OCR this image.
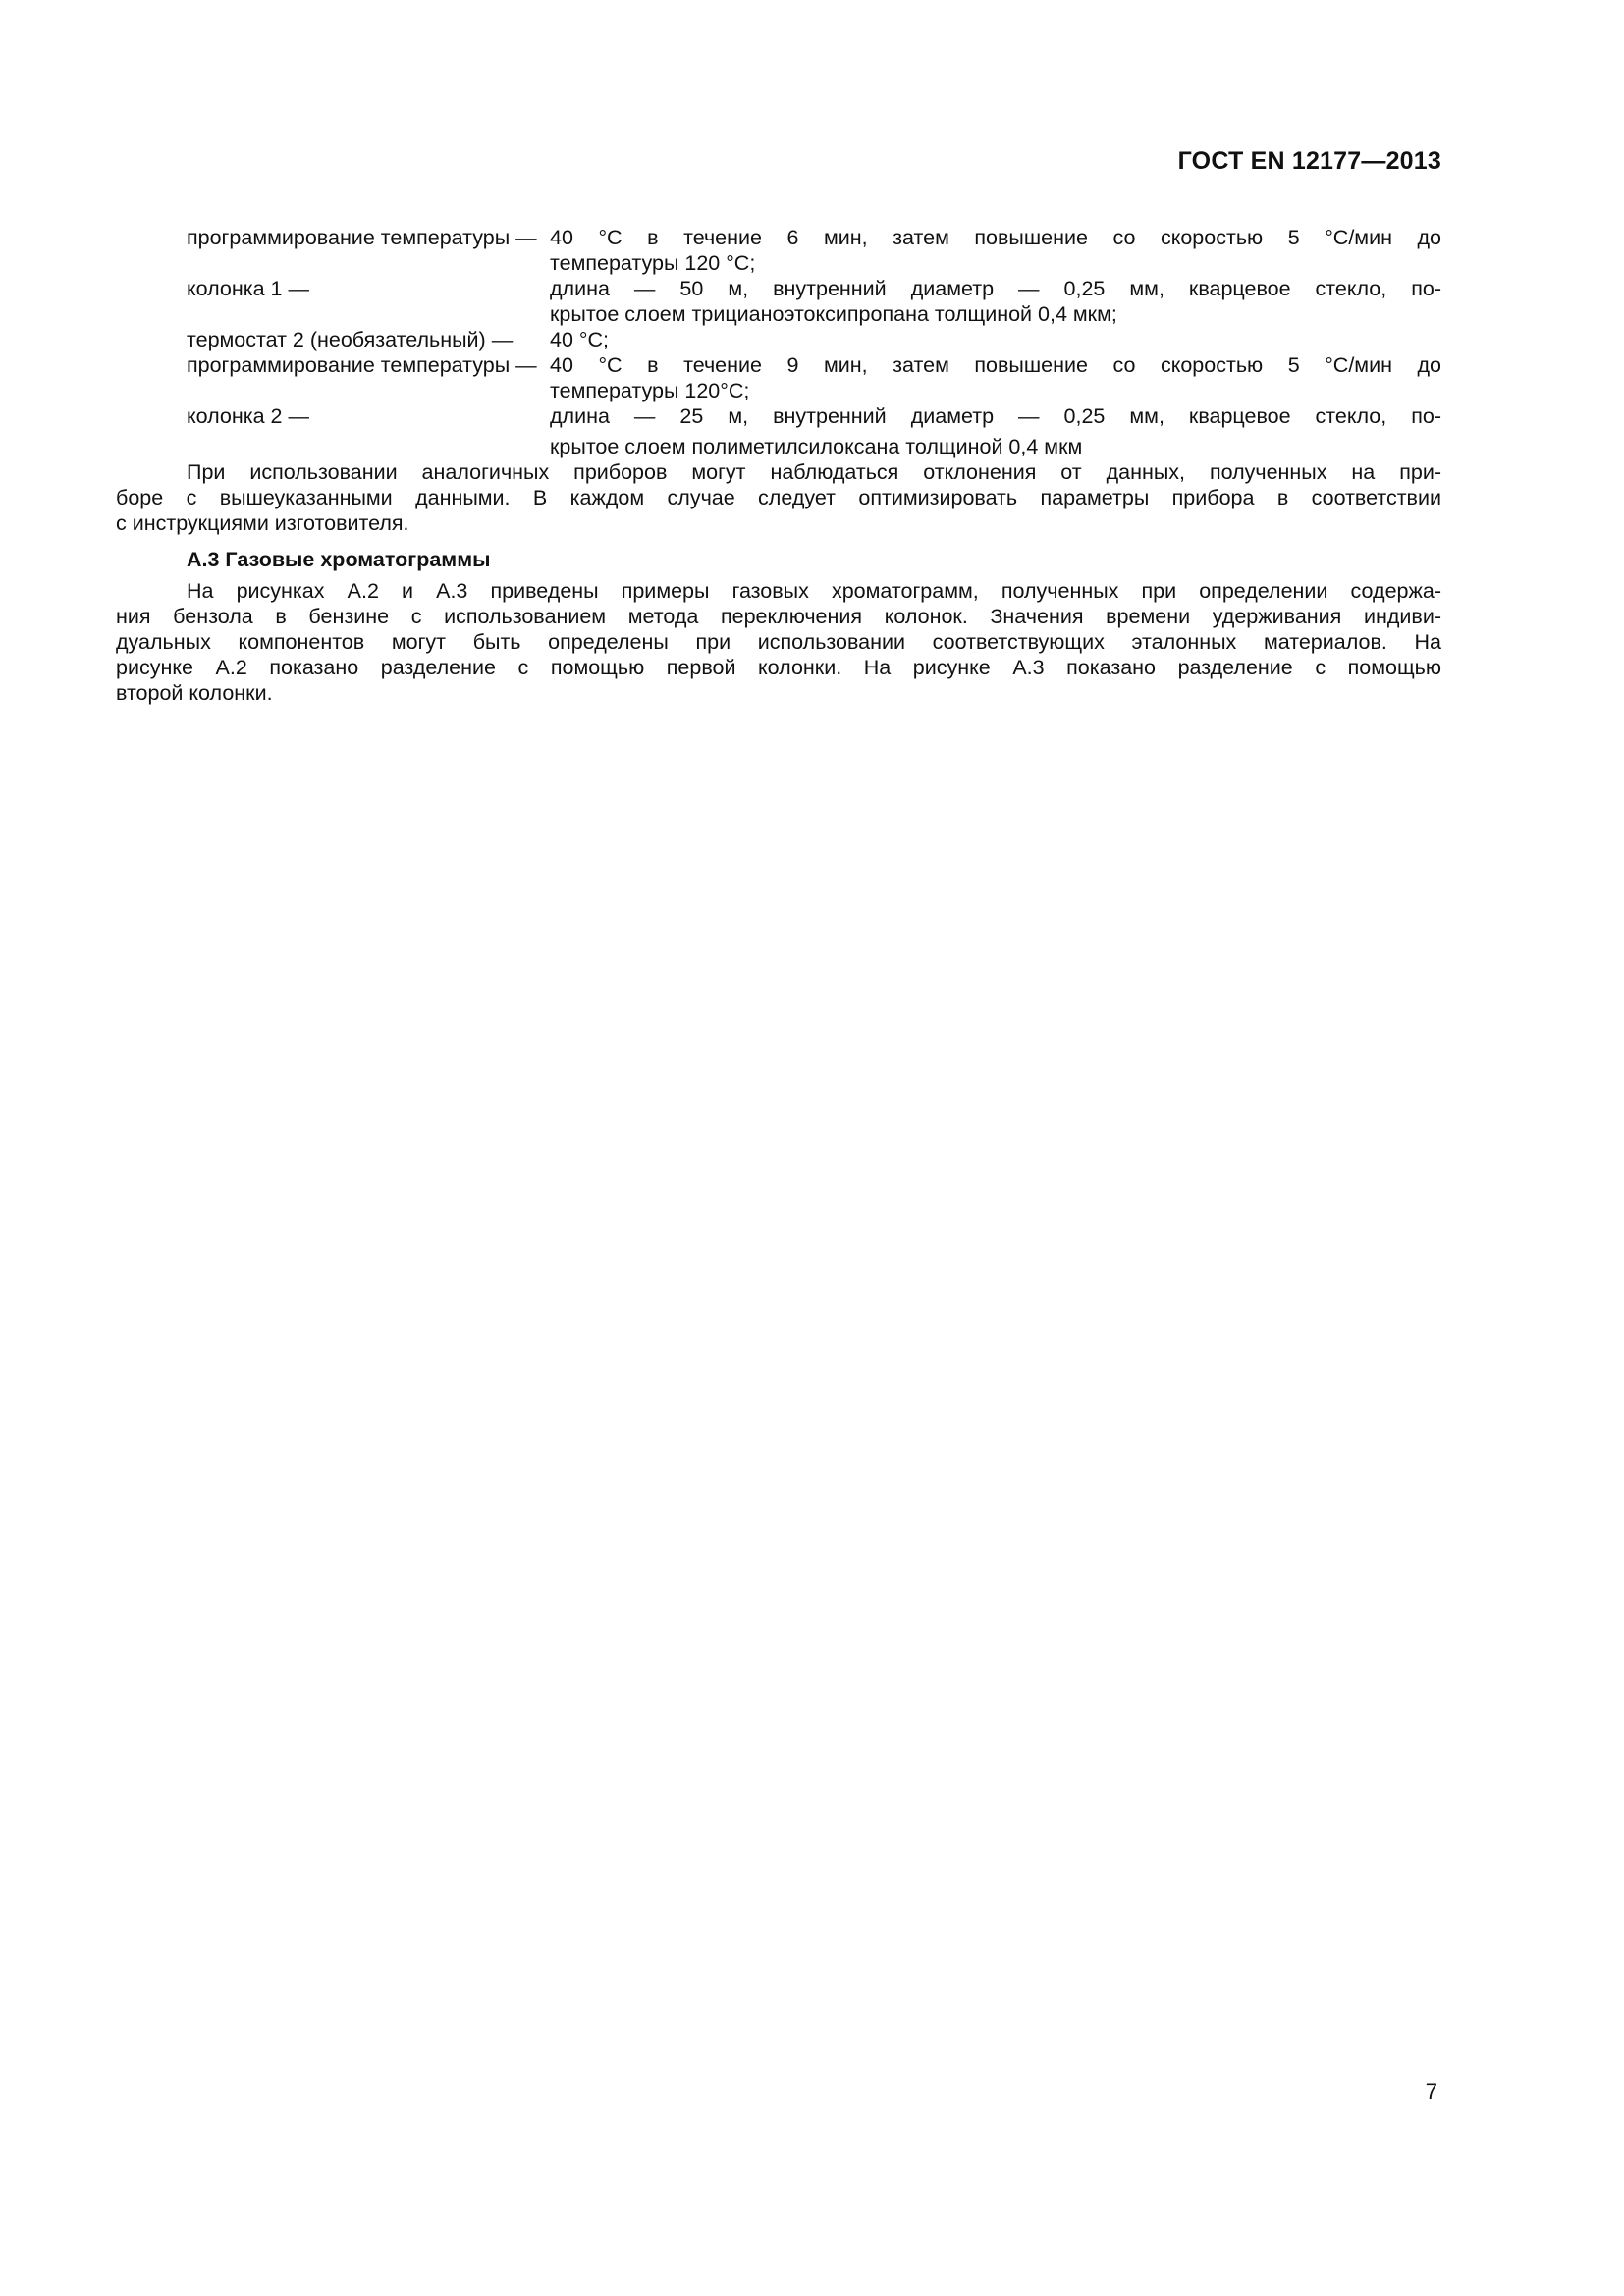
ГОСТ EN 12177—2013
программирование температуры — 40 °С в течение 6 мин, затем повышение со скоростью 5 °С/мин до
температуры 120 °С;
колонка 1 —	длина — 50 м, внутренний диаметр — 0,25 мм, кварцевое стекло, по-
крытое слоем трицианоэтоксипропана толщиной 0,4 мкм;
термостат 2 (необязательный) —	40 °С;
программирование температуры — 40 °С в течение 9 мин, затем повышение со скоростью 5 °С/мин до
температуры 120°С;
колонка 2 —	длина — 25 м, внутренний диаметр — 0,25 мм, кварцевое стекло, по-
крытое слоем полиметилсилоксана толщиной 0,4 мкм
При использовании аналогичных приборов могут наблюдаться отклонения от данных, полученных на при-
боре с вышеуказанными данными. В каждом случае следует оптимизировать параметры прибора в соответствии
с инструкциями изготовителя.
А.3 Газовые хроматограммы
На рисунках А.2 и А.3 приведены примеры газовых хроматограмм, полученных при определении содержа-
ния бензола в бензине с использованием метода переключения колонок. Значения времени удерживания индиви-
дуальных компонентов могут быть определены при использовании соответствующих эталонных материалов. На
рисунке А.2 показано разделение с помощью первой колонки. На рисунке А.3 показано разделение с помощью
второй колонки.
7
